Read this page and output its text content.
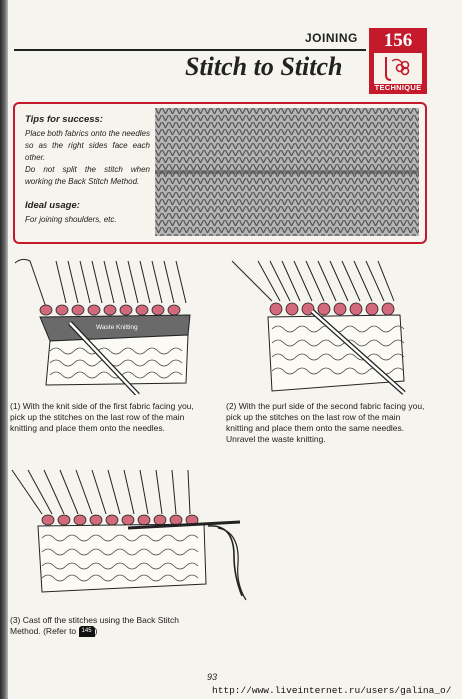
JOINING
Stitch to Stitch
156
TECHNIQUE
Tips for success:
Place both fabrics onto the needles so as the right sides face each other.
Do not split the stitch when working the Back Stitch Method.
Ideal usage:
For joining shoulders, etc.
Waste Knitting
(1) With the knit side of the first fabric facing you, pick up the stitches on the last row of the main knitting and place them onto the needles.
(2) With the purl side of the second fabric facing you, pick up the stitches on the last row of the main knitting and place them onto the same needles. Unravel the waste knitting.
(3) Cast off the stitches using the Back Stitch Method. (Refer to 145 )
93
http://www.liveinternet.ru/users/galina_o/
